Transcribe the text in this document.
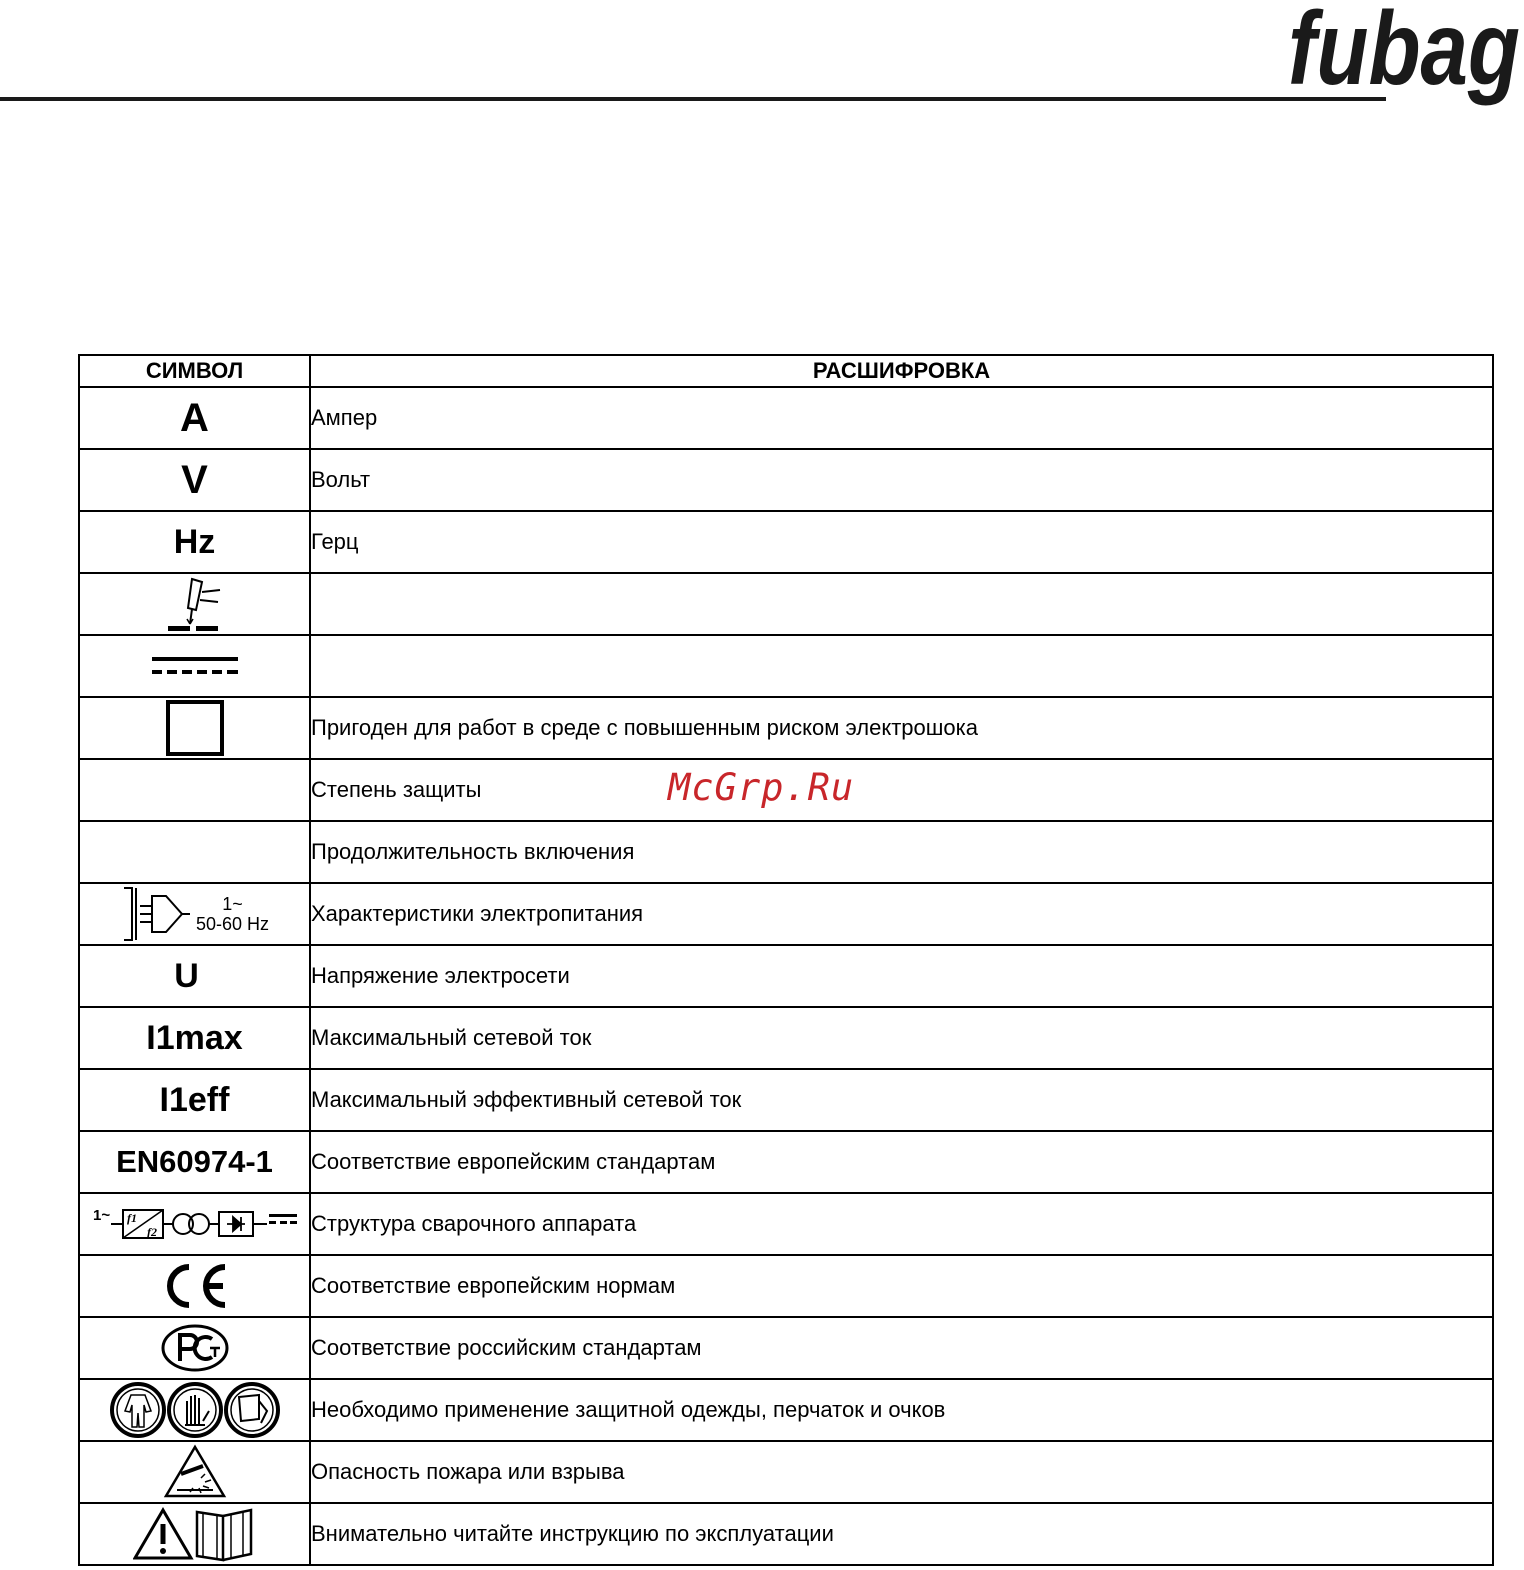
fubag
СИМВОЛ	РАСШИФРОВКА
A	Ампер
V	Вольт
Hz	Герц

	Пригоден для работ в среде с повышенным риском электрошока
	Степень защиты
	Продолжительность включения

1~
50-60 Hz	Характеристики электропитания
U	Напряжение электросети
I1max	Максимальный сетевой ток
I1eff	Максимальный эффективный сетевой ток
EN60974-1	Соответствие европейским стандартам

1~ f1
f2	Структура сварочного аппарата

	Соответствие европейским нормам

	Соответствие российским стандартам

	Необходимо применение защитной одежды, перчаток и очков

	Опасность пожара или взрыва

	Внимательно читайте инструкцию по эксплуатации
McGrp.Ru
